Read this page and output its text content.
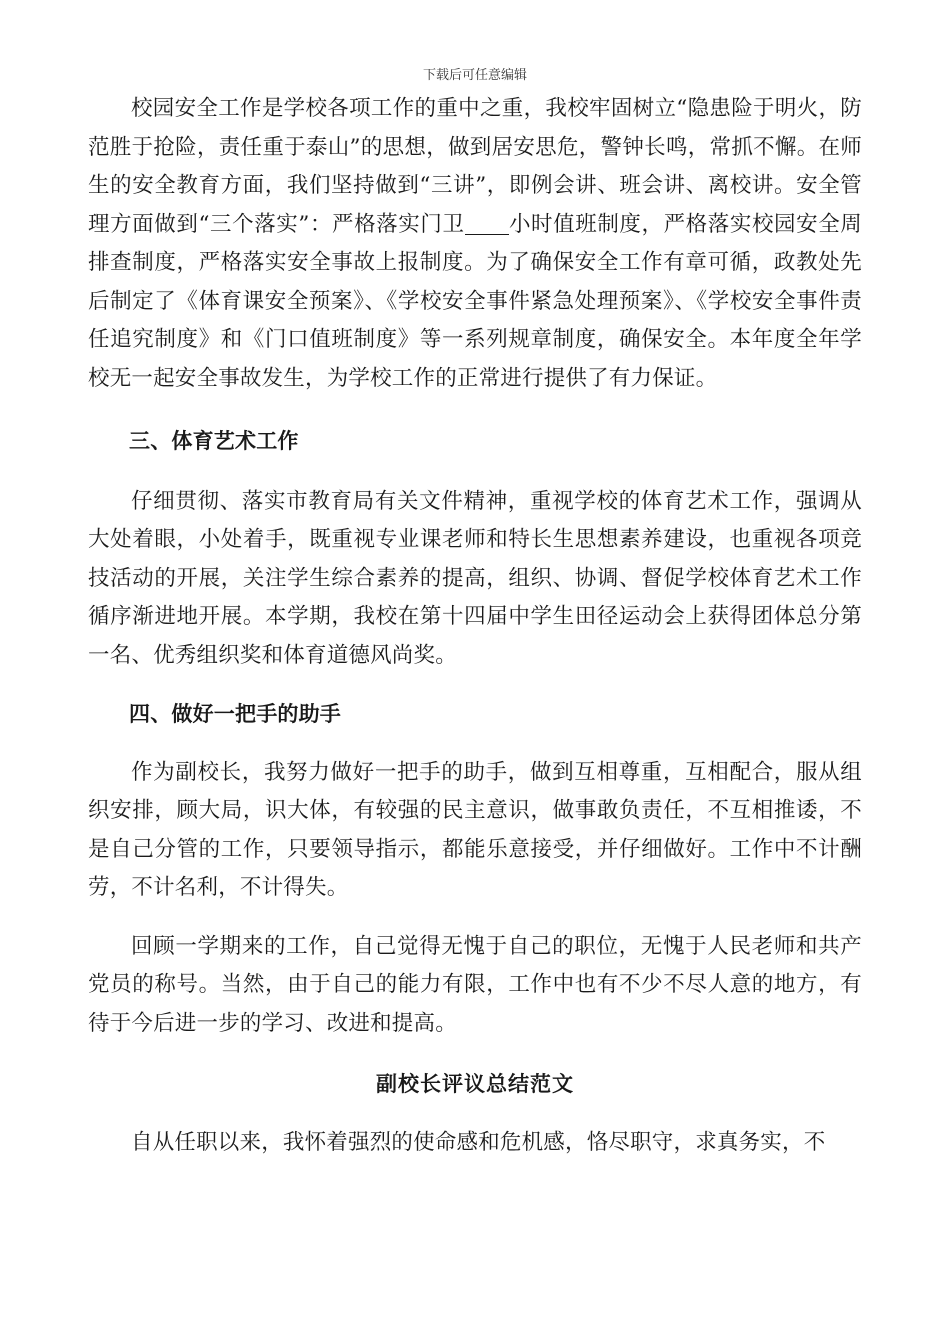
下载后可任意编辑

校园安全工作是学校各项工作的重中之重，我校牢固树立“隐患险于明火，防范胜于抢险，责任重于泰山”的思想，做到居安思危，警钟长鸣，常抓不懈。在师生的安全教育方面，我们坚持做到“三讲”，即例会讲、班会讲、离校讲。安全管理方面做到“三个落实”：严格落实门卫 小时值班制度，严格落实校园安全周排查制度，严格落实安全事故上报制度。为了确保安全工作有章可循，政教处先后制定了《体育课安全预案》、《学校安全事件紧急处理预案》、《学校安全事件责任追究制度》和《门口值班制度》等一系列规章制度，确保安全。本年度全年学校无一起安全事故发生，为学校工作的正常进行提供了有力保证。

三、体育艺术工作

仔细贯彻、落实市教育局有关文件精神，重视学校的体育艺术工作，强调从大处着眼，小处着手，既重视专业课老师和特长生思想素养建设，也重视各项竞技活动的开展，关注学生综合素养的提高，组织、协调、督促学校体育艺术工作循序渐进地开展。本学期，我校在第十四届中学生田径运动会上获得团体总分第一名、优秀组织奖和体育道德风尚奖。

四、做好一把手的助手

作为副校长，我努力做好一把手的助手，做到互相尊重，互相配合，服从组织安排，顾大局，识大体，有较强的民主意识，做事敢负责任，不互相推诿，不是自己分管的工作，只要领导指示，都能乐意接受，并仔细做好。工作中不计酬劳，不计名利，不计得失。

回顾一学期来的工作，自己觉得无愧于自己的职位，无愧于人民老师和共产党员的称号。当然，由于自己的能力有限，工作中也有不少不尽人意的地方，有待于今后进一步的学习、改进和提高。

副校长评议总结范文

自从任职以来，我怀着强烈的使命感和危机感，恪尽职守，求真务实，不
